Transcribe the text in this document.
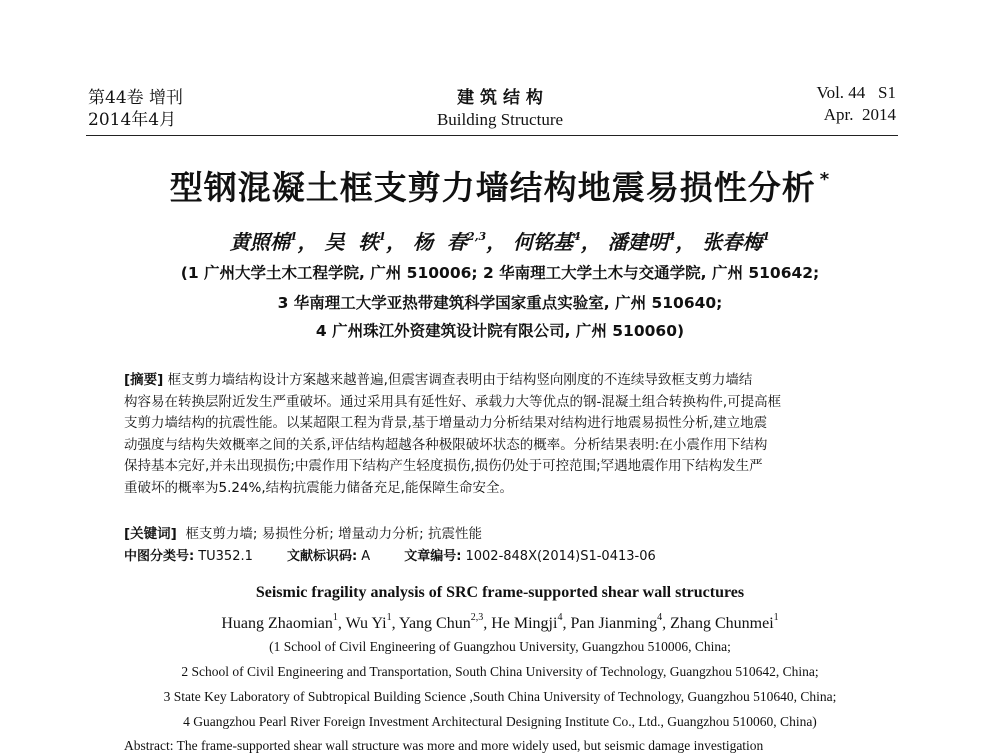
第44卷 增刊
2014年4月
建 筑 结 构
Building Structure
Vol. 44   S1
Apr.  2014
型钢混凝土框支剪力墙结构地震易损性分析 *
黄照棉$^1$， 吴  轶$^1$， 杨  春$^{2,3}$， 何铭基$^4$， 潘建明$^4$， 张春梅$^1$
(1 广州大学土木工程学院, 广州 510006; 2 华南理工大学土木与交通学院, 广州 510642;
3 华南理工大学亚热带建筑科学国家重点实验室, 广州 510640;
4 广州珠江外资建筑设计院有限公司, 广州 510060)
[摘要] 框支剪力墙结构设计方案越来越普遍,但震害调查表明由于结构竖向刚度的不连续导致框支剪力墙结
构容易在转换层附近发生严重破坏。通过采用具有延性好、承载力大等优点的钢-混凝土组合转换构件,可提高框
支剪力墙结构的抗震性能。以某超限工程为背景,基于增量动力分析结果对结构进行地震易损性分析,建立地震
动强度与结构失效概率之间的关系,评估结构超越各种极限破坏状态的概率。分析结果表明:在小震作用下结构
保持基本完好,并未出现损伤;中震作用下结构产生轻度损伤,损伤仍处于可控范围;罕遇地震作用下结构发生严
重破坏的概率为5.24%,结构抗震能力储备充足,能保障生命安全。
[关键词] 框支剪力墙; 易损性分析; 增量动力分析; 抗震性能
中图分类号: TU352.1	文献标识码: A	文章编号: 1002-848X(2014)S1-0413-06
Seismic fragility analysis of SRC frame-supported shear wall structures
Huang Zhaomian$^1$, Wu Yi$^1$, Yang Chun$^{2,3}$, He Mingji$^4$, Pan Jianming$^4$, Zhang Chunmei$^1$
(1 School of Civil Engineering of Guangzhou University, Guangzhou 510006, China;
2 School of Civil Engineering and Transportation, South China University of Technology, Guangzhou 510642, China;
3 State Key Laboratory of Subtropical Building Science ,South China University of Technology, Guangzhou 510640, China;
4 Guangzhou Pearl River Foreign Investment Architectural Designing Institute Co., Ltd., Guangzhou 510060, China)
Abstract: The frame-supported shear wall structure was more and more widely used, but seismic damage investigation
